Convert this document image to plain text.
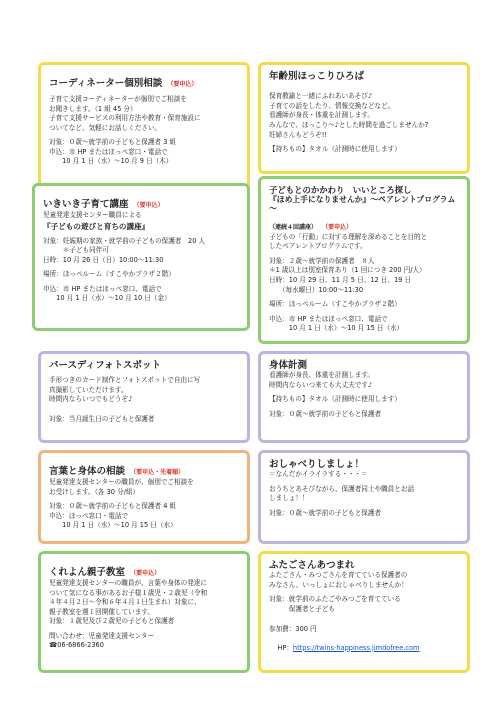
コーディネーター個別相談 （要申込）
子育て支援コーディネーターが個別でご相談を
お聞きします。（1 組 45 分）
子育て支援サービスの利用方法や教育・保育施設に
ついてなど、気軽にお話しください。
対象：０歳～就学前の子どもと保護者 3 組
申込：市 HP またはほっぺ窓口・電話で
　　10 月 1 日（水）～10 月 9 日（木）
年齢別ほっこりひろば
保育教諭と一緒にふれあいあそび♪
子育ての話をしたり、情報交換などなど。
看護師が身長・体重を計測します。
みんなで、ほっこり～♪とした時間を過ごしませんか?
妊婦さんもどうぞ!!
【持ちもの】タオル（計測時に使用します）
いきいき子育て講座 （要申込）
児童発達支援センター職員による
『子どもの遊びと育ちの講座』
対象：妊娠期の家族・就学前の子どもの保護者　20 人
　　　＊子ども同伴可
日時：10 月 26 日（日）10:00～11:30
場所：ほっぺルーム（すこやかプラザ２階）
申込：市 HP またはほっぺ窓口、電話で
　　10 月 1 日（水）～10 月 10 日（金）
子どもとのかかわり　いいところ探し
『ほめ上手になりませんか』～ペアレントプログラム～
（連続４回講座） （要申込）
子どもの「行動」に対する理解を深めることを目的と
したペアレントプログラムです。
対象：２歳～就学前の保護者　８人
＊1 歳以上は別室保育あり（1 回につき 200 円/人）
日時：10 月 29 日、11 月 5 日、12 日、19 日
　　（毎水曜日）10:00～11:30
場所：ほっぺルーム（すこやかプラザ２階）
申込：市 HP またはほっぺ窓口、電話で
　　　10 月 1 日（水）～10 月 15 日（水）
バースディフォトスポット
手形つきのカード制作とフォトスポットで自由に写
真撮影していただけます。
時間内ならいつでもどうぞ♪
対象：当月誕生日の子どもと保護者
身体計測
看護師が身長、体重を計測します。
時間内ならいつ来ても大丈夫です♪
【持ちもの】タオル（計測時に使用します）
対象：０歳～就学前の子どもと保護者
言葉と身体の相談 （要申込・先着順）
児童発達支援センターの職員が、個別でご相談を
お受けします。（各 30 分/組）
対象：０歳～就学前の子どもと保護者 4 組
申込：ほっぺ窓口・電話で
　　10 月 1 日（水）～10 月 15 日（水）
おしゃべりしましょ！
＝なんだかイライラする・・・＝
おうちとあそびながら、保護者同士や職員とお話
しましょ！！
対象：０歳～就学前の子どもと保護者
くれよん親子教室 （要申込）
児童発達支援センターの職員が、言葉や身体の発達に
ついて気になる事があるお子様１歳児・２歳児（令和
４年４月２日～令和６年４月１日生まれ）対象に、
親子教室を週１回開催しています。
対象：１歳児及び２歳児の子どもと保護者
問い合わせ：児童発達支援センター
☎06-6866-2360
ふたごさんあつまれ
ふたごさん・みつごさんを育てている保護者の
みなさん、いっしょにおしゃべりしませんか！
対象：就学前のふたごやみつごを育てている
　　　保護者と子ども
参加費：300 円

HP：https://twins-happiness.jimdofree.com
